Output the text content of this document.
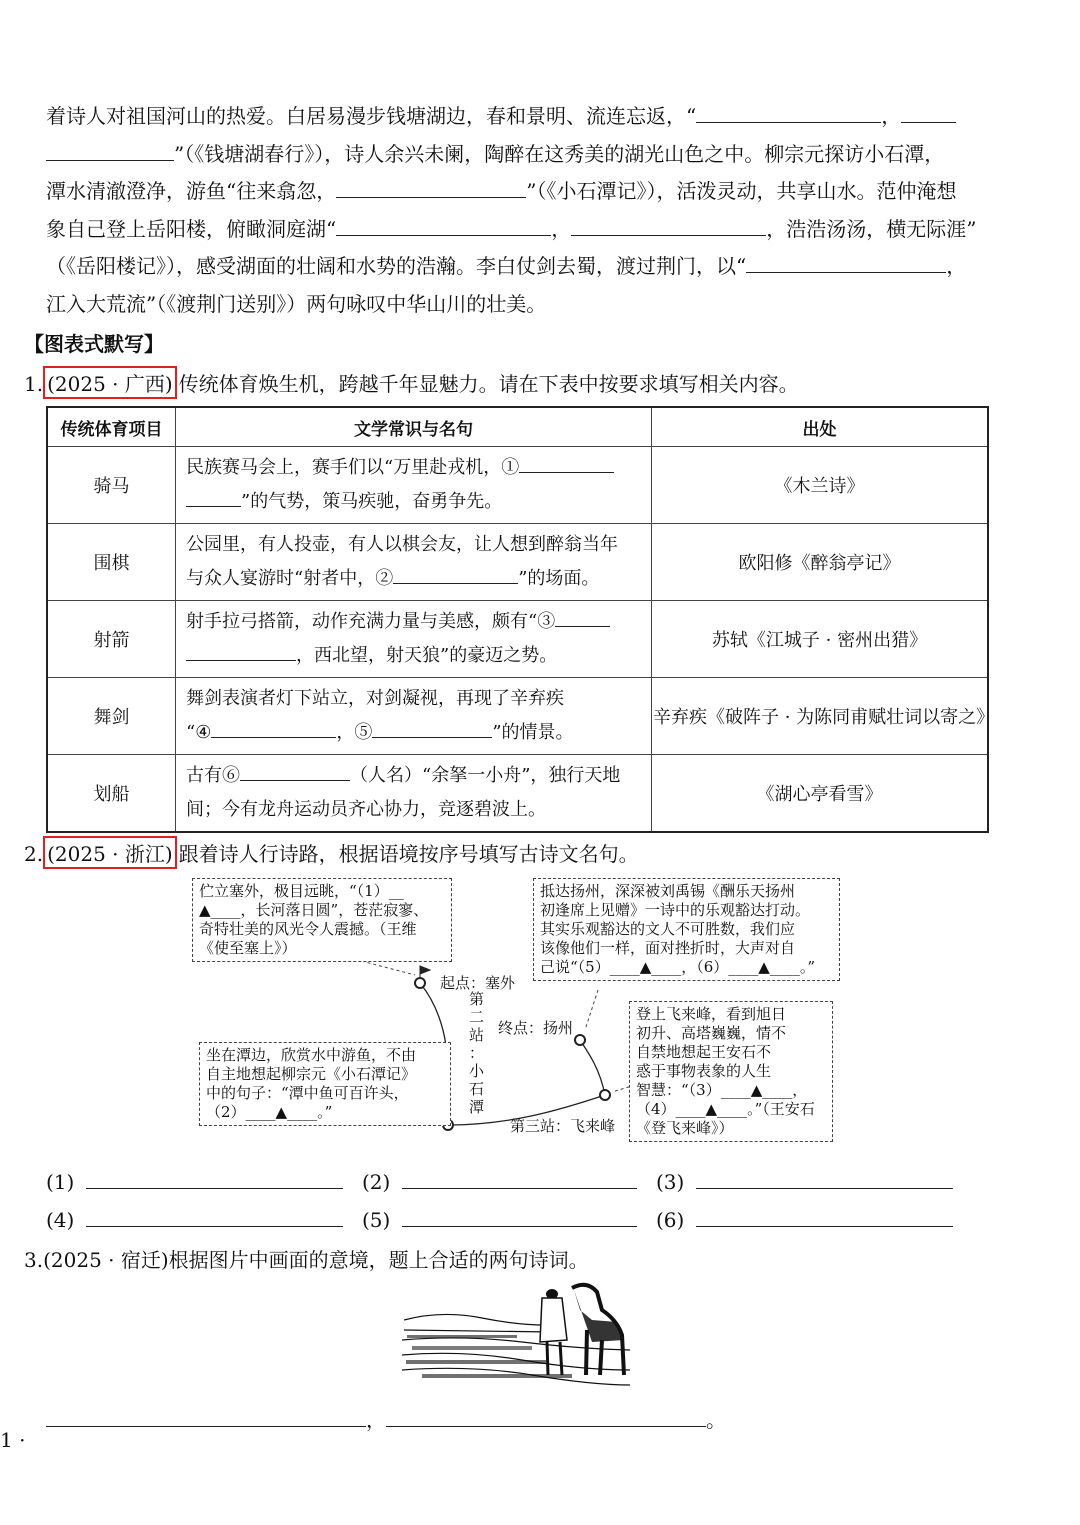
着诗人对祖国河山的热爱。白居易漫步钱塘湖边，春和景明、流连忘返，“	，
”（《钱塘湖春行》），诗人余兴未阑，陶醉在这秀美的湖光山色之中。柳宗元探访小石潭，
潭水清澈澄净，游鱼“往来翕忽，	”（《小石潭记》），活泼灵动，共享山水。范仲淹想
象自己登上岳阳楼，俯瞰洞庭湖“	，	，浩浩汤汤，横无际涯”
（《岳阳楼记》），感受湖面的壮阔和水势的浩瀚。李白仗剑去蜀，渡过荆门，以“	，
江入大荒流”（《渡荆门送别》）两句咏叹中华山川的壮美。
【图表式默写】
1. (2025 · 广西) 传统体育焕生机，跨越千年显魅力。请在下表中按要求填写相关内容。
传统体育项目	文学常识与名句	出处
骑马	民族赛马会上，赛手们以“万里赴戎机，①
”的气势，策马疾驰，奋勇争先。	《木兰诗》
围棋	公园里，有人投壶，有人以棋会友，让人想到醉翁当年
与众人宴游时“射者中，② ”的场面。	欧阳修《醉翁亭记》
射箭	射手拉弓搭箭，动作充满力量与美感，颇有“③
，西北望，射天狼”的豪迈之势。	苏轼《江城子 · 密州出猎》
舞剑	舞剑表演者灯下站立，对剑凝视，再现了辛弃疾
“④ ，⑤ ”的情景。	辛弃疾《破阵子 · 为陈同甫赋壮词以寄之》
划船	古有⑥ （人名）“余拏一小舟”，独行天地
间；今有龙舟运动员齐心协力，竞逐碧波上。	《湖心亭看雪》
2. (2025 · 浙江) 跟着诗人行诗路，根据语境按序号填写古诗文名句。
伫立塞外，极目远眺，“（1）__
▲____，长河落日圆”，苍茫寂寥、
奇特壮美的风光令人震撼。（王维
《使至塞上》）
坐在潭边，欣赏水中游鱼，不由
自主地想起柳宗元《小石潭记》
中的句子：“潭中鱼可百许头，
（2）____▲____。”
抵达扬州，深深被刘禹锡《酬乐天扬州
初逢席上见赠》一诗中的乐观豁达打动。
其实乐观豁达的文人不可胜数，我们应
该像他们一样，面对挫折时，大声对自
己说“（5）____▲____，（6）____▲____。”
登上飞来峰，看到旭日
初升、高塔巍巍，情不
自禁地想起王安石不
惑于事物表象的人生
智慧：“（3）____▲____，
（4）____▲____。”（王安石
《登飞来峰》）
起点：塞外
第
二
站
：
小
石
潭
终点：扬州
第三站：飞来峰
(1)	(2)	(3)
(4)	(5)	(6)
3.(2025 · 宿迁)根据图片中画面的意境，题上合适的两句诗词。
，	。
1 ·
